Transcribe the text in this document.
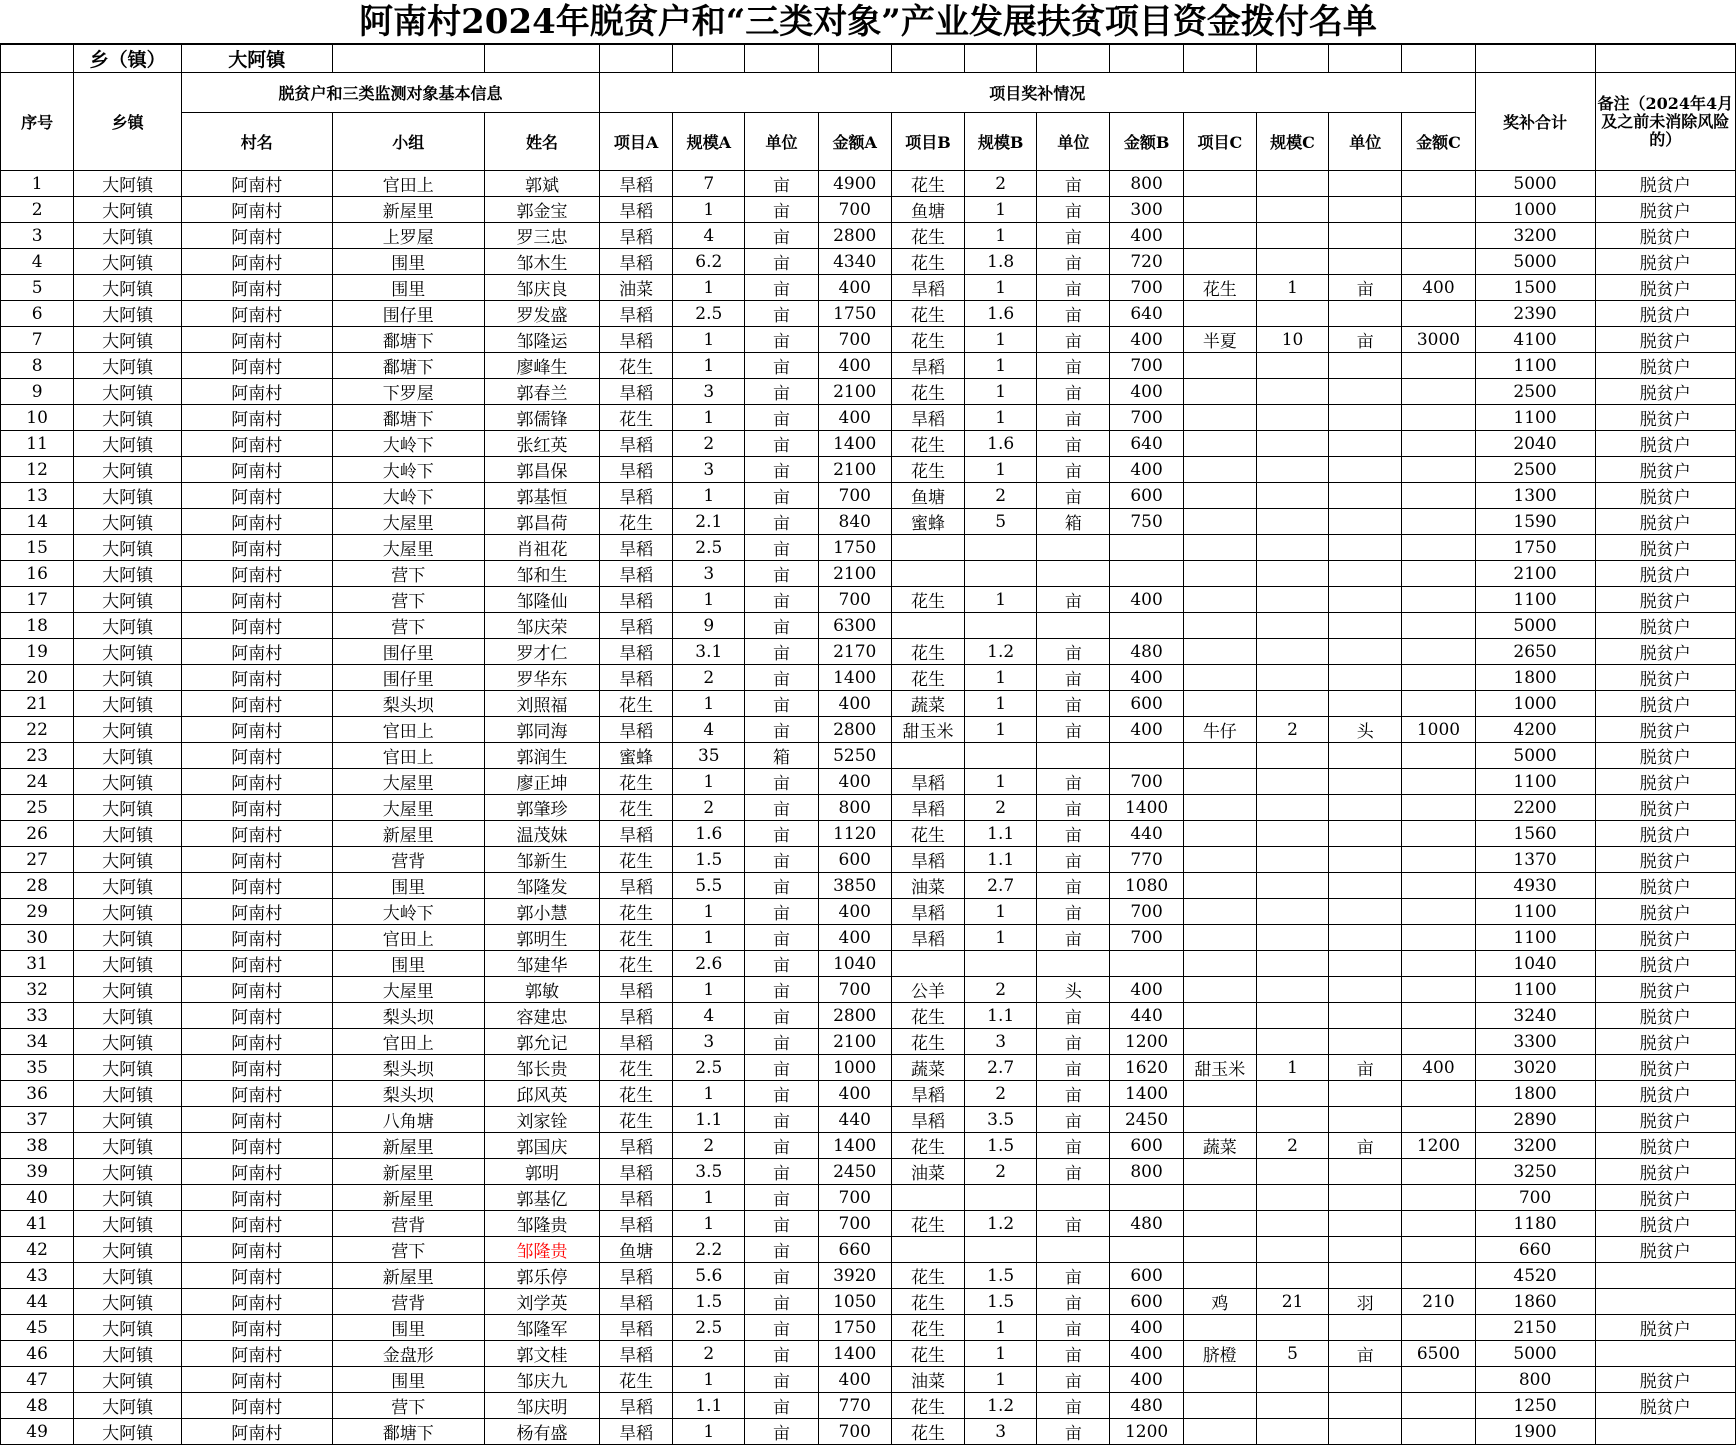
阿南村2024年脱贫户和“三类对象”产业发展扶贫项目资金拨付名单
	乡（镇）	大阿镇																
序号	乡镇	脱贫户和三类监测对象基本信息			项目奖补情况												奖补合计	备注（2024年4月及之前未消除风险的）
		村名	小组	姓名	项目A	规模A	单位	金额A	项目B	规模B	单位	金额B	项目C	规模C	单位	金额C		
1	大阿镇	阿南村	官田上	郭斌	旱稻	7	亩	4900	花生	2	亩	800					5000	脱贫户
2	大阿镇	阿南村	新屋里	郭金宝	旱稻	1	亩	700	鱼塘	1	亩	300					1000	脱贫户
3	大阿镇	阿南村	上罗屋	罗三忠	旱稻	4	亩	2800	花生	1	亩	400					3200	脱贫户
4	大阿镇	阿南村	围里	邹木生	旱稻	6.2	亩	4340	花生	1.8	亩	720					5000	脱贫户
5	大阿镇	阿南村	围里	邹庆良	油菜	1	亩	400	旱稻	1	亩	700	花生	1	亩	400	1500	脱贫户
6	大阿镇	阿南村	围仔里	罗发盛	旱稻	2.5	亩	1750	花生	1.6	亩	640					2390	脱贫户
7	大阿镇	阿南村	鄱塘下	邹隆运	旱稻	1	亩	700	花生	1	亩	400	半夏	10	亩	3000	4100	脱贫户
8	大阿镇	阿南村	鄱塘下	廖峰生	花生	1	亩	400	旱稻	1	亩	700					1100	脱贫户
9	大阿镇	阿南村	下罗屋	郭春兰	旱稻	3	亩	2100	花生	1	亩	400					2500	脱贫户
10	大阿镇	阿南村	鄱塘下	郭儒锋	花生	1	亩	400	旱稻	1	亩	700					1100	脱贫户
11	大阿镇	阿南村	大岭下	张红英	旱稻	2	亩	1400	花生	1.6	亩	640					2040	脱贫户
12	大阿镇	阿南村	大岭下	郭昌保	旱稻	3	亩	2100	花生	1	亩	400					2500	脱贫户
13	大阿镇	阿南村	大岭下	郭基恒	旱稻	1	亩	700	鱼塘	2	亩	600					1300	脱贫户
14	大阿镇	阿南村	大屋里	郭昌荷	花生	2.1	亩	840	蜜蜂	5	箱	750					1590	脱贫户
15	大阿镇	阿南村	大屋里	肖祖花	旱稻	2.5	亩	1750									1750	脱贫户
16	大阿镇	阿南村	营下	邹和生	旱稻	3	亩	2100									2100	脱贫户
17	大阿镇	阿南村	营下	邹隆仙	旱稻	1	亩	700	花生	1	亩	400					1100	脱贫户
18	大阿镇	阿南村	营下	邹庆荣	旱稻	9	亩	6300									5000	脱贫户
19	大阿镇	阿南村	围仔里	罗才仁	旱稻	3.1	亩	2170	花生	1.2	亩	480					2650	脱贫户
20	大阿镇	阿南村	围仔里	罗华东	旱稻	2	亩	1400	花生	1	亩	400					1800	脱贫户
21	大阿镇	阿南村	梨头坝	刘照福	花生	1	亩	400	蔬菜	1	亩	600					1000	脱贫户
22	大阿镇	阿南村	官田上	郭同海	旱稻	4	亩	2800	甜玉米	1	亩	400	牛仔	2	头	1000	4200	脱贫户
23	大阿镇	阿南村	官田上	郭润生	蜜蜂	35	箱	5250									5000	脱贫户
24	大阿镇	阿南村	大屋里	廖正坤	花生	1	亩	400	旱稻	1	亩	700					1100	脱贫户
25	大阿镇	阿南村	大屋里	郭肇珍	花生	2	亩	800	旱稻	2	亩	1400					2200	脱贫户
26	大阿镇	阿南村	新屋里	温茂妹	旱稻	1.6	亩	1120	花生	1.1	亩	440					1560	脱贫户
27	大阿镇	阿南村	营背	邹新生	花生	1.5	亩	600	旱稻	1.1	亩	770					1370	脱贫户
28	大阿镇	阿南村	围里	邹隆发	旱稻	5.5	亩	3850	油菜	2.7	亩	1080					4930	脱贫户
29	大阿镇	阿南村	大岭下	郭小慧	花生	1	亩	400	旱稻	1	亩	700					1100	脱贫户
30	大阿镇	阿南村	官田上	郭明生	花生	1	亩	400	旱稻	1	亩	700					1100	脱贫户
31	大阿镇	阿南村	围里	邹建华	花生	2.6	亩	1040									1040	脱贫户
32	大阿镇	阿南村	大屋里	郭敏	旱稻	1	亩	700	公羊	2	头	400					1100	脱贫户
33	大阿镇	阿南村	梨头坝	容建忠	旱稻	4	亩	2800	花生	1.1	亩	440					3240	脱贫户
34	大阿镇	阿南村	官田上	郭允记	旱稻	3	亩	2100	花生	3	亩	1200					3300	脱贫户
35	大阿镇	阿南村	梨头坝	邹长贵	花生	2.5	亩	1000	蔬菜	2.7	亩	1620	甜玉米	1	亩	400	3020	脱贫户
36	大阿镇	阿南村	梨头坝	邱风英	花生	1	亩	400	旱稻	2	亩	1400					1800	脱贫户
37	大阿镇	阿南村	八角塘	刘家铨	花生	1.1	亩	440	旱稻	3.5	亩	2450					2890	脱贫户
38	大阿镇	阿南村	新屋里	郭国庆	旱稻	2	亩	1400	花生	1.5	亩	600	蔬菜	2	亩	1200	3200	脱贫户
39	大阿镇	阿南村	新屋里	郭明	旱稻	3.5	亩	2450	油菜	2	亩	800					3250	脱贫户
40	大阿镇	阿南村	新屋里	郭基亿	旱稻	1	亩	700									700	脱贫户
41	大阿镇	阿南村	营背	邹隆贵	旱稻	1	亩	700	花生	1.2	亩	480					1180	脱贫户
42	大阿镇	阿南村	营下	邹隆贵	鱼塘	2.2	亩	660									660	脱贫户
43	大阿镇	阿南村	新屋里	郭乐停	旱稻	5.6	亩	3920	花生	1.5	亩	600					4520	
44	大阿镇	阿南村	营背	刘学英	旱稻	1.5	亩	1050	花生	1.5	亩	600	鸡	21	羽	210	1860	
45	大阿镇	阿南村	围里	邹隆军	旱稻	2.5	亩	1750	花生	1	亩	400					2150	脱贫户
46	大阿镇	阿南村	金盘形	郭文桂	旱稻	2	亩	1400	花生	1	亩	400	脐橙	5	亩	6500	5000	
47	大阿镇	阿南村	围里	邹庆九	花生	1	亩	400	油菜	1	亩	400					800	脱贫户
48	大阿镇	阿南村	营下	邹庆明	旱稻	1.1	亩	770	花生	1.2	亩	480					1250	脱贫户
49	大阿镇	阿南村	鄱塘下	杨有盛	旱稻	1	亩	700	花生	3	亩	1200					1900	
